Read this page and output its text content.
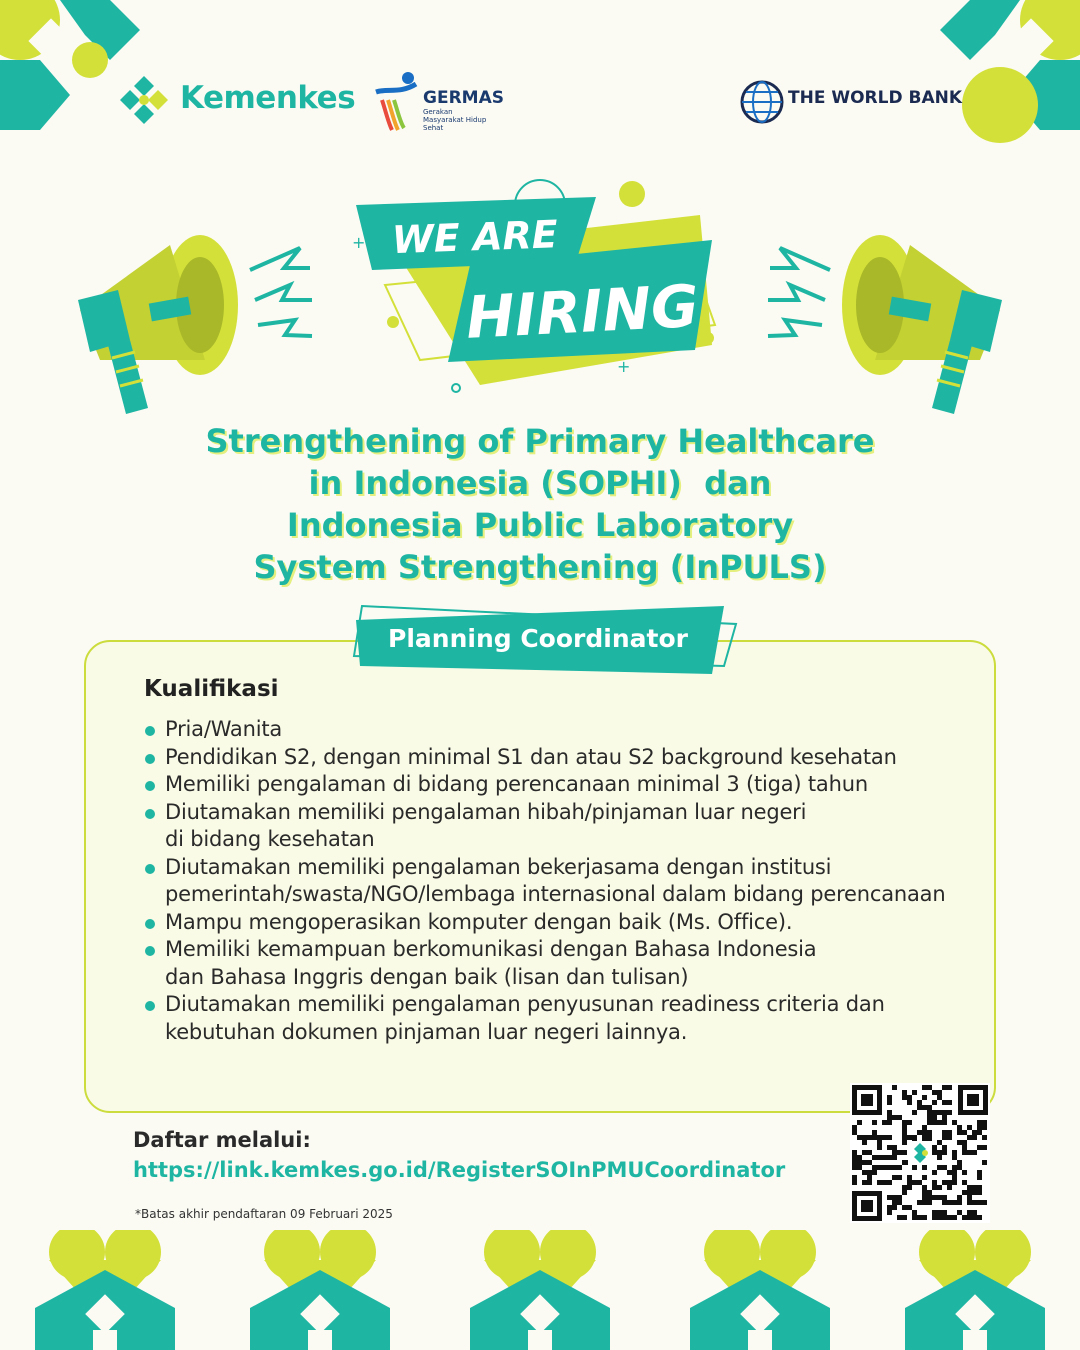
Kemenkes	GERMAS
Gerakan Masyarakat Hidup Sehat
THE WORLD BANK
+
+
WE ARE
HIRING
Strengthening of Primary Healthcare
in Indonesia (SOPHI)  dan
Indonesia Public Laboratory
System Strengthening (InPULS)
Planning Coordinator
Kualifikasi
Pria/Wanita
Pendidikan S2, dengan minimal S1 dan atau S2 background kesehatan
Memiliki pengalaman di bidang perencanaan minimal 3 (tiga) tahun
Diutamakan memiliki pengalaman hibah/pinjaman luar negeri
di bidang kesehatan
Diutamakan memiliki pengalaman bekerjasama dengan institusi
pemerintah/swasta/NGO/lembaga internasional dalam bidang perencanaan
Mampu mengoperasikan komputer dengan baik (Ms. Office).
Memiliki kemampuan berkomunikasi dengan Bahasa Indonesia
dan Bahasa Inggris dengan baik (lisan dan tulisan)
Diutamakan memiliki pengalaman penyusunan readiness criteria dan
kebutuhan dokumen pinjaman luar negeri lainnya.
Daftar melalui:
https://link.kemkes.go.id/RegisterSOInPMUCoordinator
*Batas akhir pendaftaran 09 Februari 2025
